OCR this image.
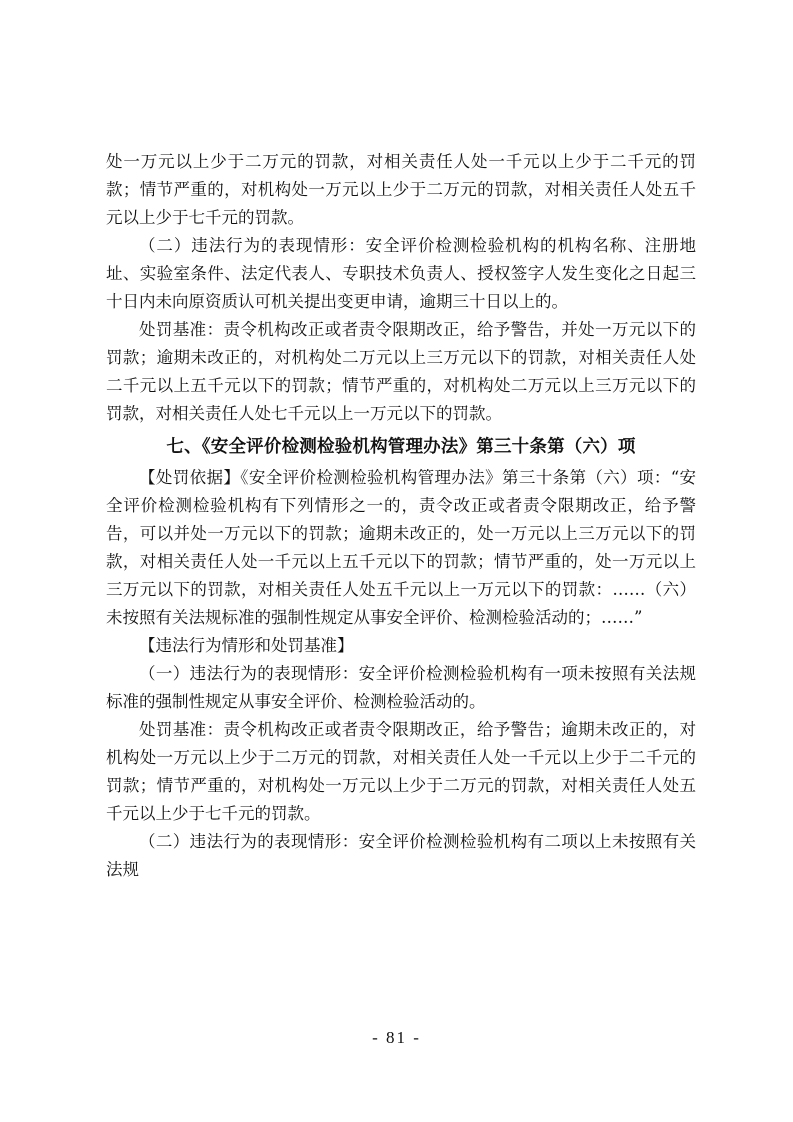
处一万元以上少于二万元的罚款，对相关责任人处一千元以上少于二千元的罚款；情节严重的，对机构处一万元以上少于二万元的罚款，对相关责任人处五千元以上少于七千元的罚款。

（二）违法行为的表现情形：安全评价检测检验机构的机构名称、注册地址、实验室条件、法定代表人、专职技术负责人、授权签字人发生变化之日起三十日内未向原资质认可机关提出变更申请，逾期三十日以上的。

处罚基准：责令机构改正或者责令限期改正，给予警告，并处一万元以下的罚款；逾期未改正的，对机构处二万元以上三万元以下的罚款，对相关责任人处二千元以上五千元以下的罚款；情节严重的，对机构处二万元以上三万元以下的罚款，对相关责任人处七千元以上一万元以下的罚款。

七、《安全评价检测检验机构管理办法》第三十条第（六）项

【处罚依据】《安全评价检测检验机构管理办法》第三十条第（六）项：“安全评价检测检验机构有下列情形之一的，责令改正或者责令限期改正，给予警告，可以并处一万元以下的罚款；逾期未改正的，处一万元以上三万元以下的罚款，对相关责任人处一千元以上五千元以下的罚款；情节严重的，处一万元以上三万元以下的罚款，对相关责任人处五千元以上一万元以下的罚款：……（六）未按照有关法规标准的强制性规定从事安全评价、检测检验活动的；……”

【违法行为情形和处罚基准】

（一）违法行为的表现情形：安全评价检测检验机构有一项未按照有关法规标准的强制性规定从事安全评价、检测检验活动的。

处罚基准：责令机构改正或者责令限期改正，给予警告；逾期未改正的，对机构处一万元以上少于二万元的罚款，对相关责任人处一千元以上少于二千元的罚款；情节严重的，对机构处一万元以上少于二万元的罚款，对相关责任人处五千元以上少于七千元的罚款。

（二）违法行为的表现情形：安全评价检测检验机构有二项以上未按照有关法规

- 81 -
